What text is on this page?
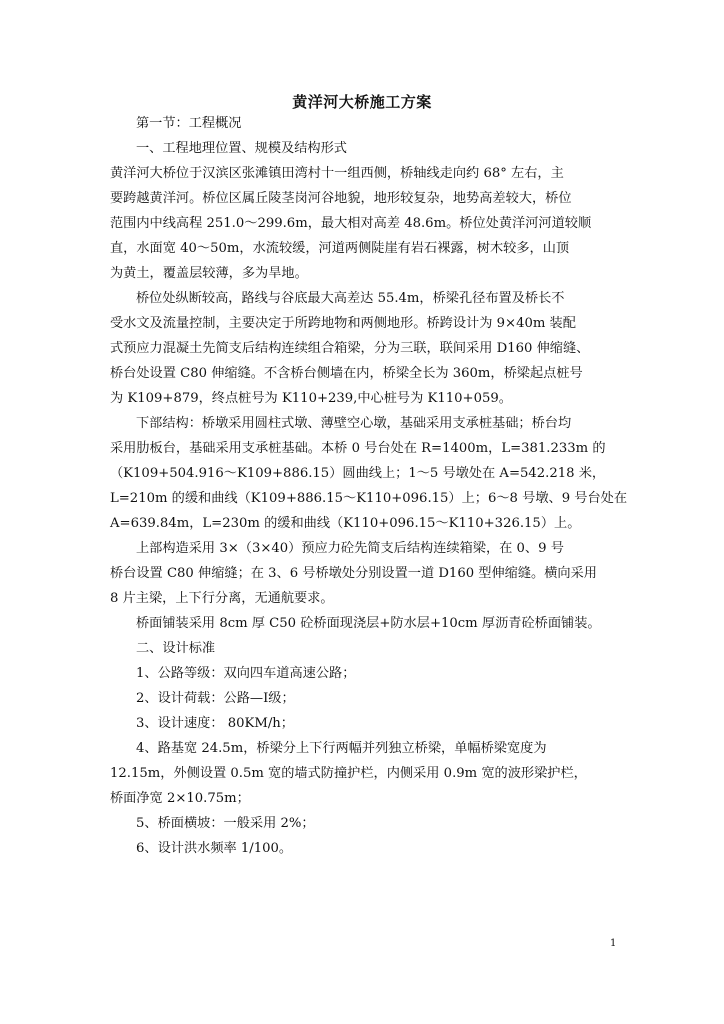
黄洋河大桥施工方案
第一节：工程概况
一、工程地理位置、规模及结构形式
黄洋河大桥位于汉滨区张滩镇田湾村十一组西侧，桥轴线走向约 68° 左右，主
要跨越黄洋河。桥位区属丘陵茎岗河谷地貌，地形较复杂，地势高差较大，桥位
范围内中线高程 251.0～299.6m，最大相对高差 48.6m。桥位处黄洋河河道较顺
直，水面宽 40～50m，水流较缓，河道两侧陡崖有岩石裸露，树木较多，山顶
为黄土，覆盖层较薄，多为旱地。
桥位处纵断较高，路线与谷底最大高差达 55.4m，桥梁孔径布置及桥长不
受水文及流量控制，主要决定于所跨地物和两侧地形。桥跨设计为 9×40m 装配
式预应力混凝土先简支后结构连续组合箱梁，分为三联，联间采用 D160 伸缩缝、
桥台处设置 C80 伸缩缝。不含桥台侧墙在内，桥梁全长为 360m，桥梁起点桩号
为 K109+879，终点桩号为 K110+239,中心桩号为 K110+059。
下部结构：桥墩采用圆柱式墩、薄壁空心墩，基础采用支承桩基础；桥台均
采用肋板台，基础采用支承桩基础。本桥 0 号台处在 R=1400m，L=381.233m 的
（K109+504.916～K109+886.15）圆曲线上；1～5 号墩处在 A=542.218 米，
L=210m 的缓和曲线（K109+886.15～K110+096.15）上；6～8 号墩、9 号台处在
A=639.84m，L=230m 的缓和曲线（K110+096.15～K110+326.15）上。
上部构造采用 3×（3×40）预应力砼先简支后结构连续箱梁，在 0、9 号
桥台设置 C80 伸缩缝；在 3、6 号桥墩处分别设置一道 D160 型伸缩缝。横向采用
8 片主梁，上下行分离，无通航要求。
桥面铺装采用 8cm 厚 C50 砼桥面现浇层+防水层+10cm 厚沥青砼桥面铺装。
二、设计标准
1、公路等级：双向四车道高速公路；
2、设计荷载：公路—Ⅰ级；
3、设计速度： 80KM/h；
4、路基宽 24.5m，桥梁分上下行两幅并列独立桥梁，单幅桥梁宽度为
12.15m，外侧设置 0.5m 宽的墙式防撞护栏，内侧采用 0.9m 宽的波形梁护栏，
桥面净宽 2×10.75m；
5、桥面横坡：一般采用 2%；
6、设计洪水频率 1/100。
1
